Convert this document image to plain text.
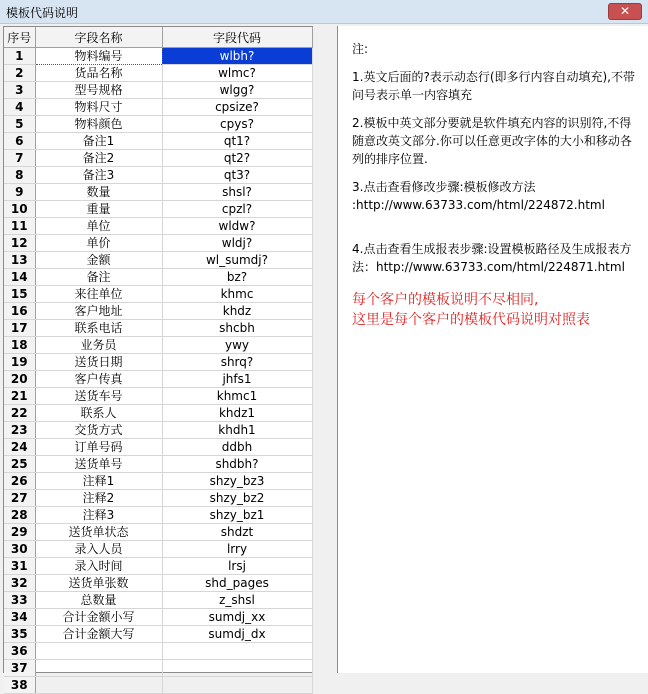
模板代码说明	✕
序号	字段名称	字段代码
1	物料编号	wlbh?
2	货品名称	wlmc?
3	型号规格	wlgg?
4	物料尺寸	cpsize?
5	物料颜色	cpys?
6	备注1	qt1?
7	备注2	qt2?
8	备注3	qt3?
9	数量	shsl?
10	重量	cpzl?
11	单位	wldw?
12	单价	wldj?
13	金额	wl_sumdj?
14	备注	bz?
15	来往单位	khmc
16	客户地址	khdz
17	联系电话	shcbh
18	业务员	ywy
19	送货日期	shrq?
20	客户传真	jhfs1
21	送货车号	khmc1
22	联系人	khdz1
23	交货方式	khdh1
24	订单号码	ddbh
25	送货单号	shdbh?
26	注释1	shzy_bz3
27	注释2	shzy_bz2
28	注释3	shzy_bz1
29	送货单状态	shdzt
30	录入人员	lrry
31	录入时间	lrsj
32	送货单张数	shd_pages
33	总数量	z_shsl
34	合计金额小写	sumdj_xx
35	合计金额大写	sumdj_dx
36		
37		
38		

注:

1.英文后面的?表示动态行(即多行内容自动填充),不带问号表示单一内容填充

2.模板中英文部分要就是软件填充内容的识别符,不得随意改英文部分.你可以任意更改字体的大小和移动各列的排序位置.

3.点击查看修改步骤:模板修改方法 :http://www.63733.com/html/224872.html

4.点击查看生成报表步骤:设置模板路径及生成报表方法：http://www.63733.com/html/224871.html

每个客户的模板说明不尽相同,
这里是每个客户的模板代码说明对照表
